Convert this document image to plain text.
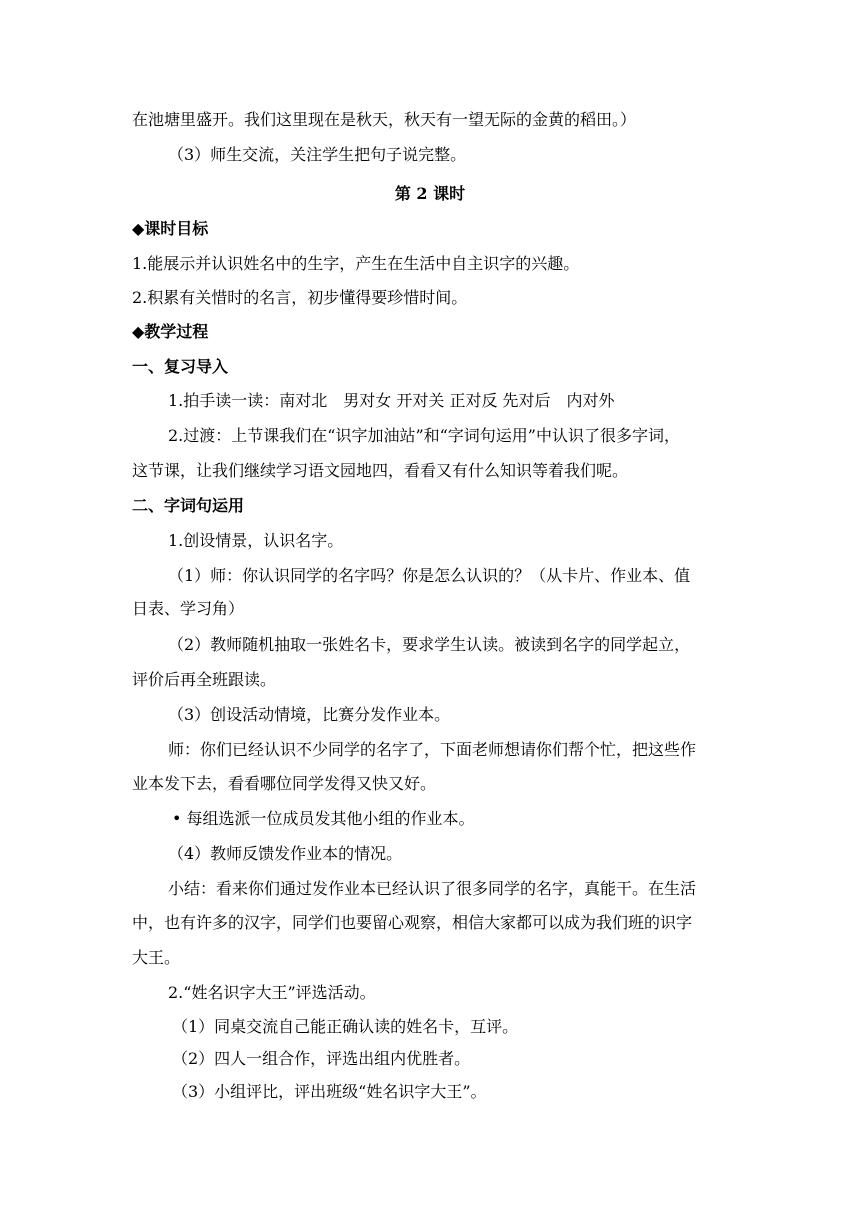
在池塘里盛开。我们这里现在是秋天，秋天有一望无际的金黄的稻田。）
（3）师生交流，关注学生把句子说完整。
第 2 课时
◆课时目标
1.能展示并认识姓名中的生字，产生在生活中自主识字的兴趣。
2.积累有关惜时的名言，初步懂得要珍惜时间。
◆教学过程
一、复习导入
1.拍手读一读：南对北　男对女 开对关 正对反 先对后　内对外
2.过渡：上节课我们在“识字加油站”和“字词句运用”中认识了很多字词，
这节课，让我们继续学习语文园地四，看看又有什么知识等着我们呢。
二、字词句运用
1.创设情景，认识名字。
（1）师：你认识同学的名字吗？你是怎么认识的？（从卡片、作业本、值
日表、学习角）
（2）教师随机抽取一张姓名卡，要求学生认读。被读到名字的同学起立，
评价后再全班跟读。
（3）创设活动情境，比赛分发作业本。
师：你们已经认识不少同学的名字了，下面老师想请你们帮个忙，把这些作
业本发下去，看看哪位同学发得又快又好。
• 每组选派一位成员发其他小组的作业本。
（4）教师反馈发作业本的情况。
小结：看来你们通过发作业本已经认识了很多同学的名字，真能干。在生活
中，也有许多的汉字，同学们也要留心观察，相信大家都可以成为我们班的识字
大王。
2.“姓名识字大王”评选活动。
（1）同桌交流自己能正确认读的姓名卡，互评。
（2）四人一组合作，评选出组内优胜者。
（3）小组评比，评出班级“姓名识字大王”。
